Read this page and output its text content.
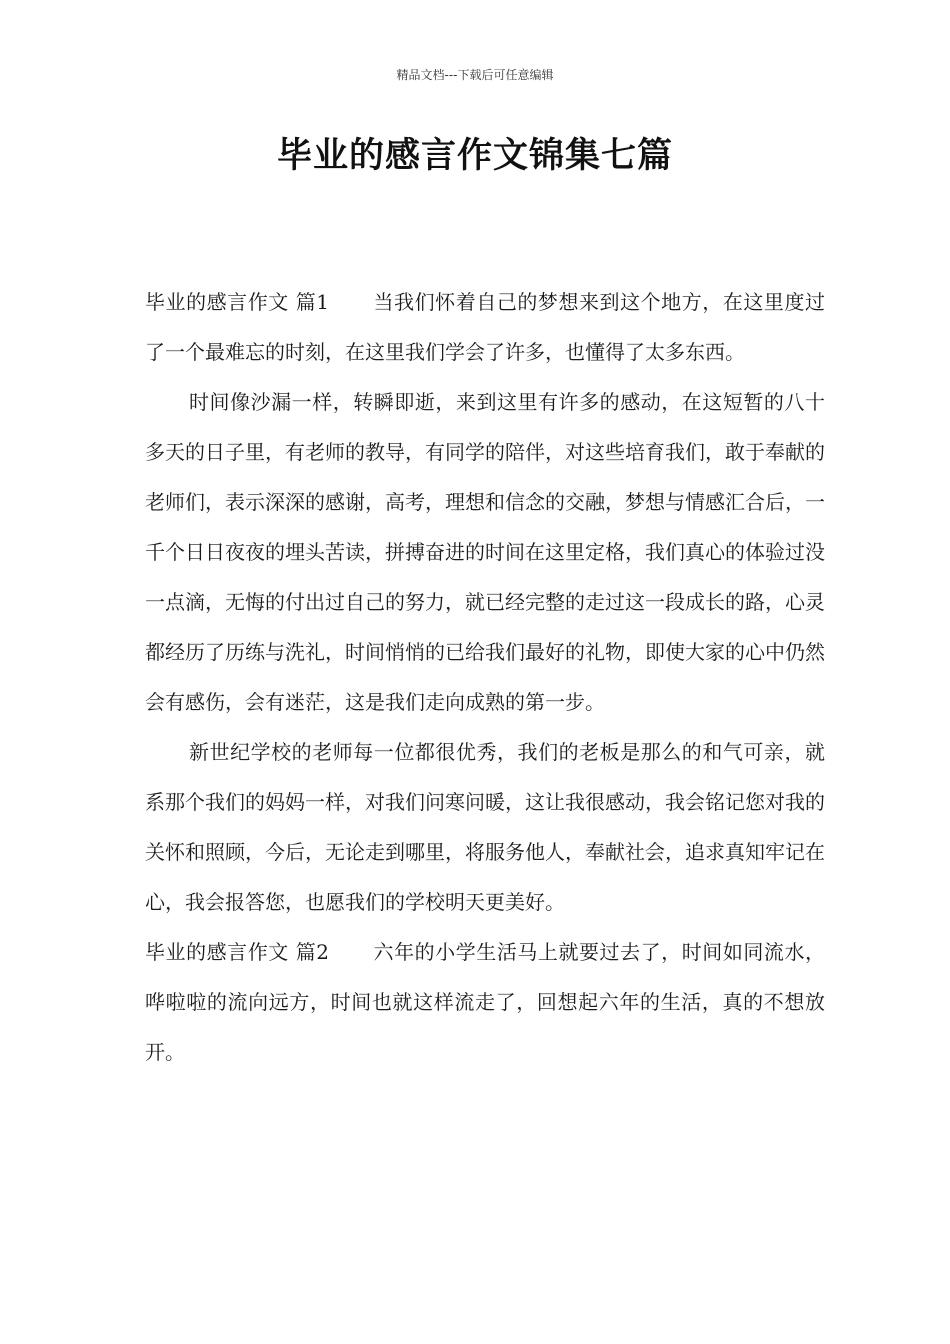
精品文档---下载后可任意编辑
毕业的感言作文锦集七篇

毕业的感言作文 篇1 当我们怀着自己的梦想来到这个地方，在这里度过了一个最难忘的时刻，在这里我们学会了许多，也懂得了太多东西。

时间像沙漏一样，转瞬即逝，来到这里有许多的感动，在这短暂的八十多天的日子里，有老师的教导，有同学的陪伴，对这些培育我们，敢于奉献的老师们，表示深深的感谢，高考，理想和信念的交融，梦想与情感汇合后，一千个日日夜夜的埋头苦读，拼搏奋进的时间在这里定格，我们真心的体验过没一点滴，无悔的付出过自己的努力，就已经完整的走过这一段成长的路，心灵都经历了历练与洗礼，时间悄悄的已给我们最好的礼物，即使大家的心中仍然会有感伤，会有迷茫，这是我们走向成熟的第一步。

新世纪学校的老师每一位都很优秀，我们的老板是那么的和气可亲，就系那个我们的妈妈一样，对我们问寒问暖，这让我很感动，我会铭记您对我的关怀和照顾，今后，无论走到哪里，将服务他人，奉献社会，追求真知牢记在心，我会报答您，也愿我们的学校明天更美好。

毕业的感言作文 篇2 六年的小学生活马上就要过去了，时间如同流水，哗啦啦的流向远方，时间也就这样流走了，回想起六年的生活，真的不想放开。
